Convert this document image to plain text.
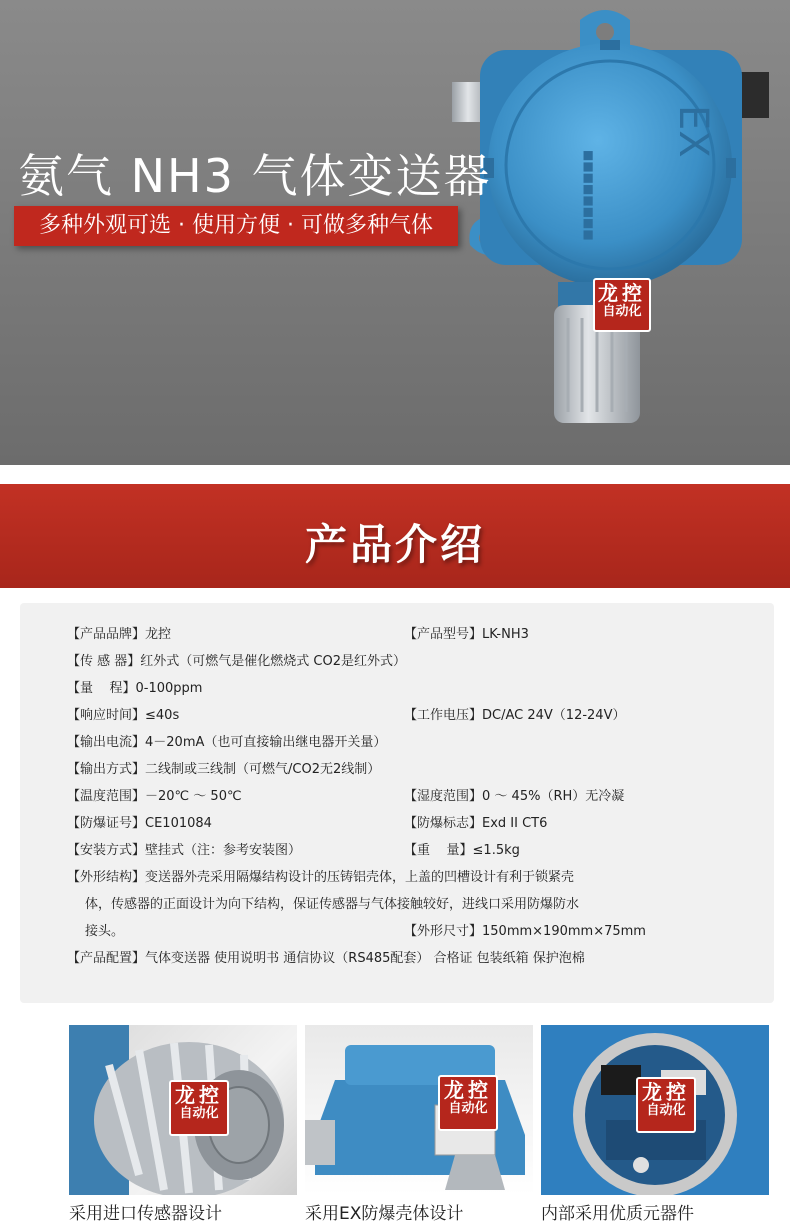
EX
■■■■■■■■
氨气 NH3 气体变送器
多种外观可选 · 使用方便 · 可做多种气体
龙控
自动化
产品介绍
【产品品牌】龙控	【产品型号】LK-NH3
【传 感 器】红外式（可燃气是催化燃烧式 CO2是红外式）
【量    程】0-100ppm
【响应时间】≤40s	【工作电压】DC/AC 24V（12-24V）
【输出电流】4－20mA（也可直接输出继电器开关量）
【输出方式】二线制或三线制（可燃气/CO2无2线制）
【温度范围】－20℃ ～ 50℃	【湿度范围】0 ～ 45%（RH）无冷凝
【防爆证号】CE101084	【防爆标志】Exd II CT6
【安装方式】壁挂式（注：参考安装图）	【重    量】≤1.5kg
【外形结构】变送器外壳采用隔爆结构设计的压铸铝壳体，上盖的凹槽设计有利于锁紧壳
体，传感器的正面设计为向下结构，保证传感器与气体接触较好，进线口采用防爆防水
接头。	【外形尺寸】150mm×190mm×75mm
【产品配置】气体变送器 使用说明书 通信协议（RS485配套） 合格证 包装纸箱 保护泡棉
龙控
自动化
龙控
自动化
龙控
自动化
采用进口传感器设计	采用EX防爆壳体设计	内部采用优质元器件
